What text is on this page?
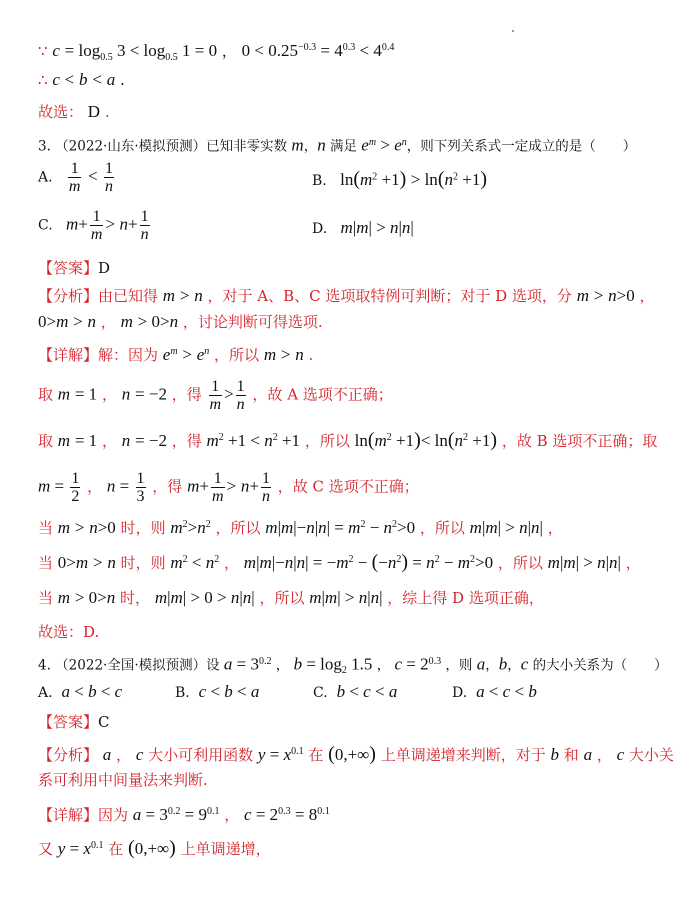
∵ $c = \log_{0.5} 3 < \log_{0.5} 1 = 0$ ， $0 < 0.25^{-0.3} = 4^{0.3} < 4^{0.4}$
∴ c < b < a .
故选： D .
3. （2022·山东·模拟预测）已知非零实数 m，n 满足 $e^m > e^n$，则下列关系式一定成立的是（　　）
A. $\frac{1}{m} < \frac{1}{n}$	B.   $\ln(m^2 +1) > \ln(n^2 +1)$
C.   $m+ \frac{1}{m} > n+ \frac{1}{n}$	D.   m|m| > n|n|
【答案】D
【分析】由已知得 m > n ，对于 A、B、C 选项取特例可判断；对于 D 选项，分 m > n>0 ，
0>m > n ， m > 0>n ，讨论判断可得选项.
【详解】解：因为 $e^m > e^n$ ，所以 m > n .
取 m = 1 ， n = −2 ，得 $\frac{1}{m} > \frac{1}{n}$ ，故 A 选项不正确；
取 m = 1 ， n = −2 ，得 $m^2 +1 < n^2 +1$ ，所以 $\ln(m^2 +1)< \ln(n^2 +1)$ ，故 B 选项不正确；取
$m = \frac{1}{2}$ ， $n = \frac{1}{3}$ ，得 $m+ \frac{1}{m} > n+ \frac{1}{n}$ ，故 C 选项不正确；
当 m > n>0 时，则 $m^2>n^2$ ，所以 $m|m|-n|n| = m^2 - n^2>0$ ，所以 m|m| > n|n| ，
当 0>m > n 时，则 $m^2 < n^2$ ， $m|m|-n|n| = -m^2 - (-n^2) = n^2 - m^2>0$ ，所以 m|m| > n|n| ，
当 m > 0>n 时， m|m| > 0 > n|n| ，所以 m|m| > n|n| ，综上得 D 选项正确，
故选：D.
4. （2022·全国·模拟预测）设 $a = 3^{0.2}$ ， $b = \log_2 1.5$ ， $c = 2^{0.3}$ ，则 a，b，c 的大小关系为（　　）
A.  a < b < c	B.  c < b < a	C.  b < c < a	D.  a < c < b
【答案】C
【分析】 a ， c 大小可利用函数 $y = x^{0.1}$ 在 (0,+∞) 上单调递增来判断，对于 b 和 a ， c 大小关
系可利用中间量法来判断.
【详解】因为 $a = 3^{0.2} = 9^{0.1}$ ， $c = 2^{0.3} = 8^{0.1}$
又 $y = x^{0.1}$ 在 (0,+∞) 上单调递增，
